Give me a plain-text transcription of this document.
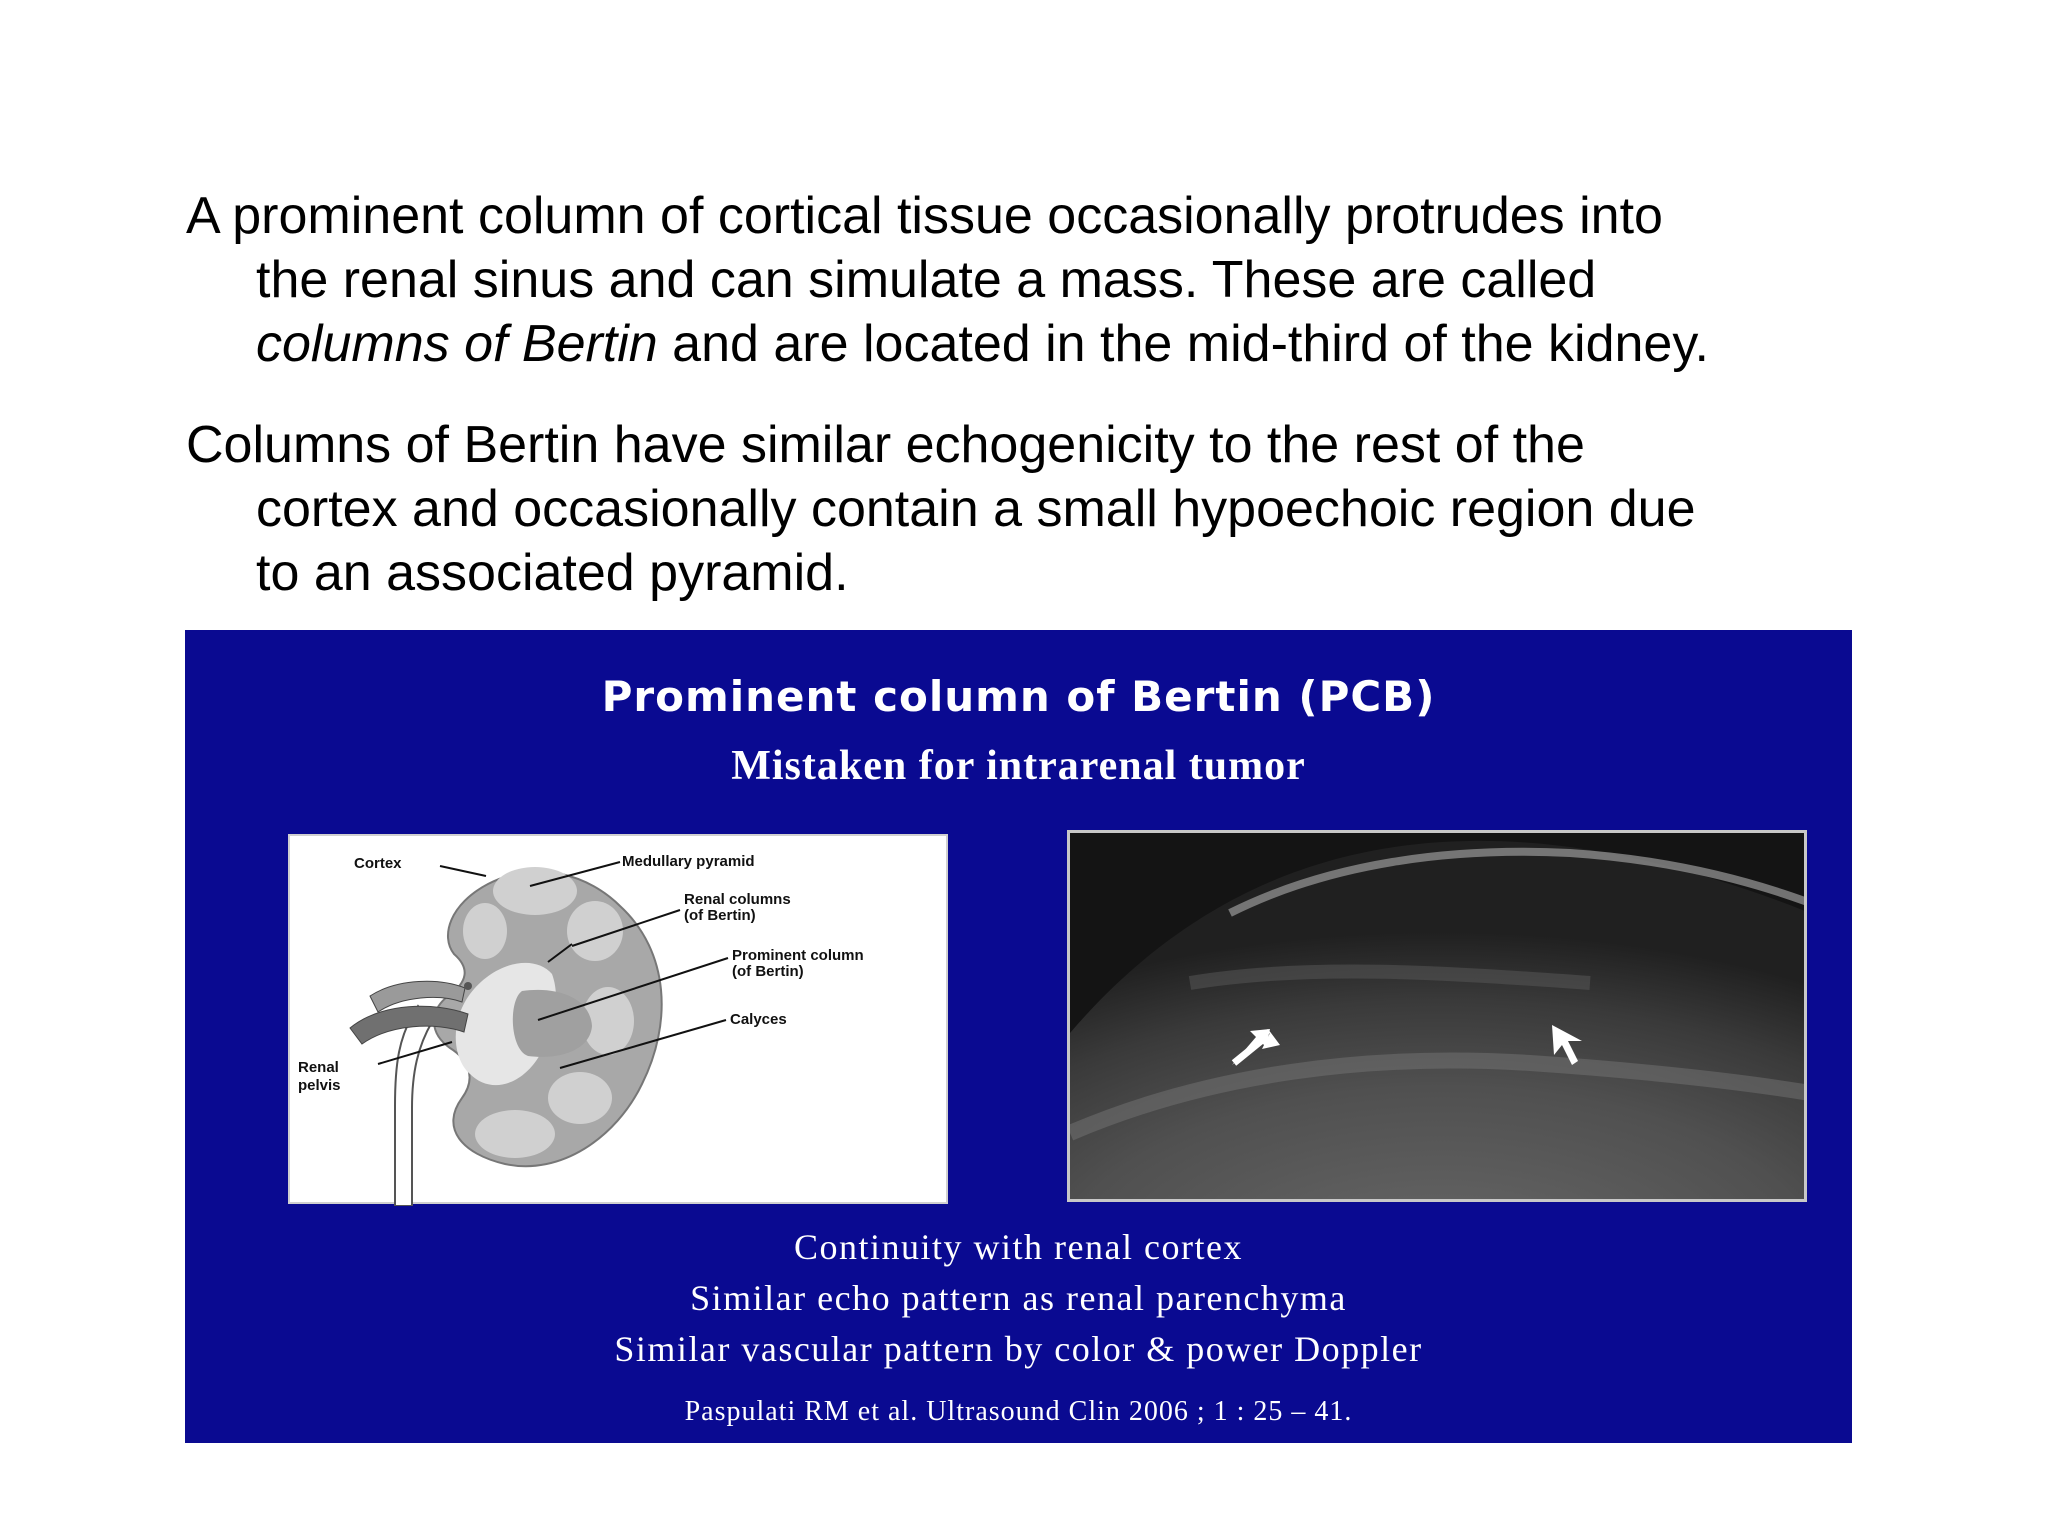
A prominent column of cortical tissue occasionally protrudes into
the renal sinus and can simulate a mass. These are called
columns of Bertin and are located in the mid-third of the kidney.
Columns of Bertin have similar echogenicity to the rest of the
cortex and occasionally contain a small hypoechoic region due
to an associated pyramid.
Prominent column of Bertin (PCB)
Mistaken for intrarenal tumor
Cortex	Medullary pyramid
Renal columns
(of Bertin)
Prominent column
(of Bertin)
Calyces
Renal
pelvis
Continuity with renal cortex
Similar echo pattern as renal parenchyma
Similar vascular pattern by color & power Doppler
Paspulati RM et al. Ultrasound Clin 2006 ; 1 : 25 – 41.
